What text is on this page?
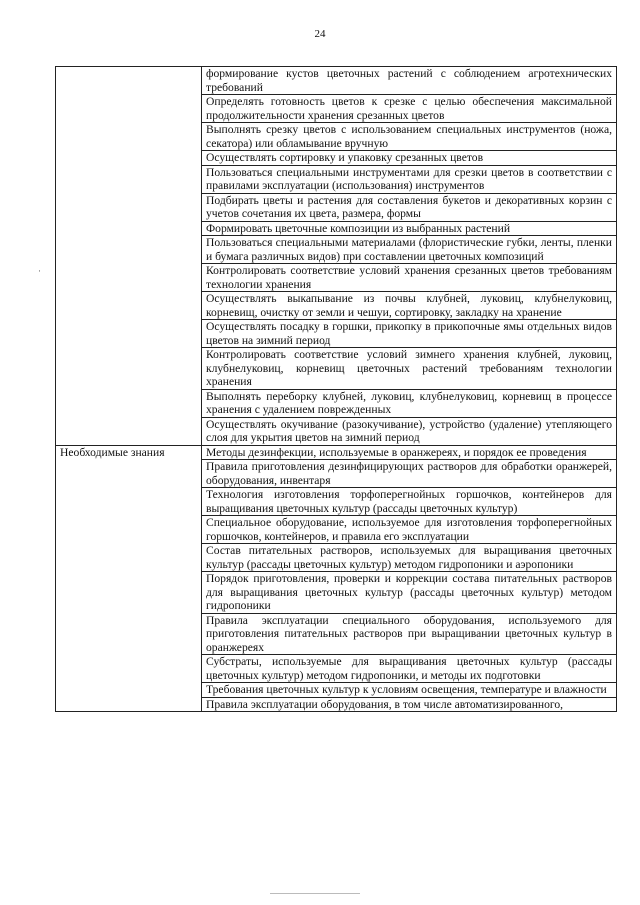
24
·
	формирование кустов цветочных растений с соблюдением агротехнических требований
	Определять готовность цветов к срезке с целью обеспечения максимальной продолжительности хранения срезанных цветов
	Выполнять срезку цветов с использованием специальных инструментов (ножа, секатора) или обламывание вручную
	Осуществлять сортировку и упаковку срезанных цветов
	Пользоваться специальными инструментами для срезки цветов в соответствии с правилами эксплуатации (использования) инструментов
	Подбирать цветы и растения для составления букетов и декоративных корзин с учетов сочетания их цвета, размера, формы
	Формировать цветочные композиции из выбранных растений
	Пользоваться специальными материалами (флористические губки, ленты, пленки и бумага различных видов) при составлении цветочных композиций
	Контролировать соответствие условий хранения срезанных цветов требованиям технологии хранения
	Осуществлять выкапывание из почвы клубней, луковиц, клубнелуковиц, корневищ, очистку от земли и чешуи, сортировку, закладку на хранение
	Осуществлять посадку в горшки, прикопку в прикопочные ямы отдельных видов цветов на зимний период
	Контролировать соответствие условий зимнего хранения клубней, луковиц, клубнелуковиц, корневищ цветочных растений требованиям технологии хранения
	Выполнять переборку клубней, луковиц, клубнелуковиц, корневищ в процессе хранения с удалением поврежденных
	Осуществлять окучивание (разокучивание), устройство (удаление) утепляющего слоя для укрытия цветов на зимний период
Необходимые знания	Методы дезинфекции, используемые в оранжереях, и порядок ее проведения
	Правила приготовления дезинфицирующих растворов для обработки оранжерей, оборудования, инвентаря
	Технология изготовления торфоперегнойных горшочков, контейнеров для выращивания цветочных культур (рассады цветочных культур)
	Специальное оборудование, используемое для изготовления торфоперегнойных горшочков, контейнеров, и правила его эксплуатации
	Состав питательных растворов, используемых для выращивания цветочных культур (рассады цветочных культур) методом гидропоники и аэропоники
	Порядок приготовления, проверки и коррекции состава питательных растворов для выращивания цветочных культур (рассады цветочных культур) методом гидропоники
	Правила эксплуатации специального оборудования, используемого для приготовления питательных растворов при выращивании цветочных культур в оранжереях
	Субстраты, используемые для выращивания цветочных культур (рассады цветочных культур) методом гидропоники, и методы их подготовки
	Требования цветочных культур к условиям освещения, температуре и влажности
	Правила эксплуатации оборудования, в том числе автоматизированного,
